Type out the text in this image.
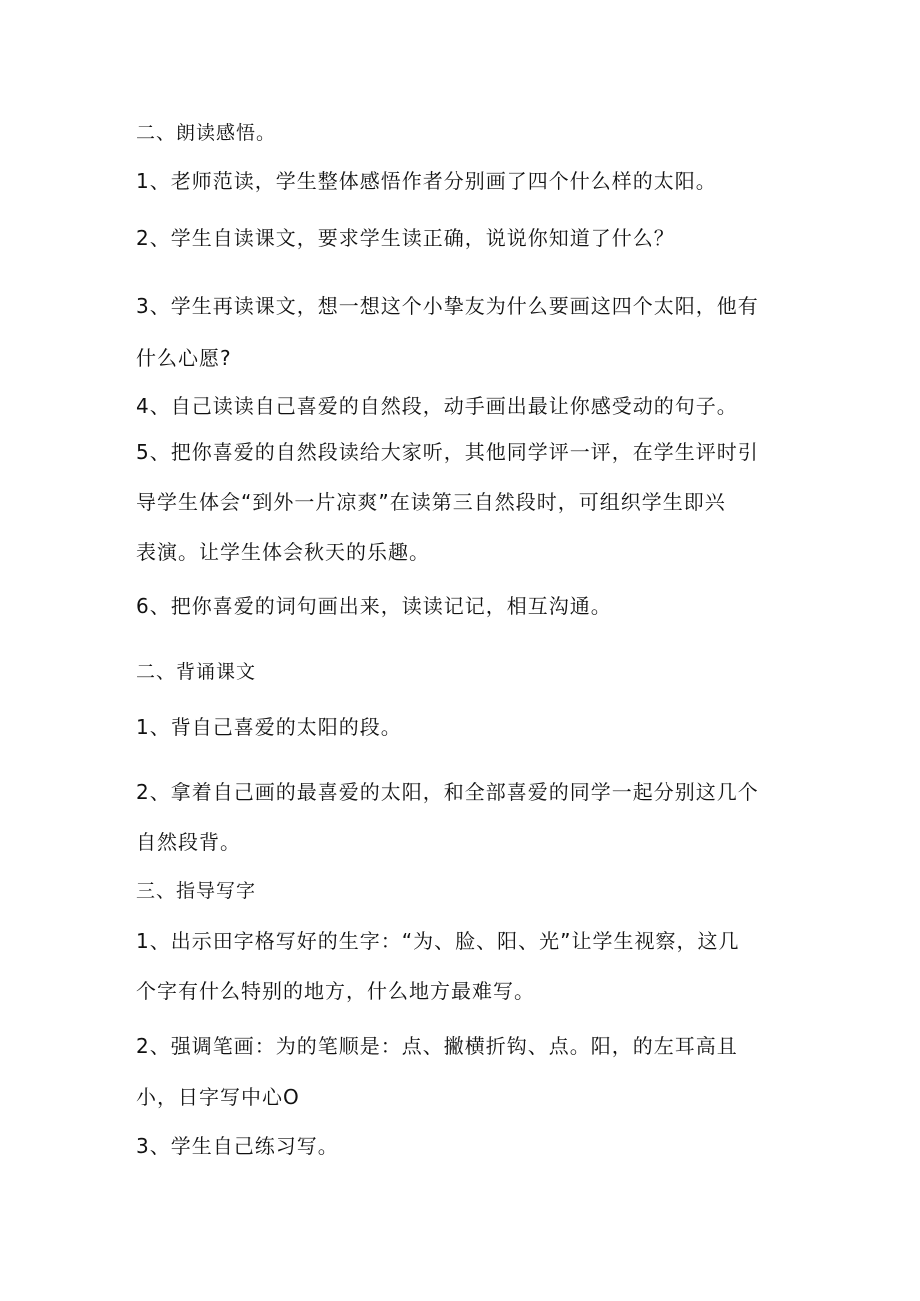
二、朗读感悟。
1、老师范读，学生整体感悟作者分别画了四个什么样的太阳。
2、学生自读课文，要求学生读正确，说说你知道了什么？
3、学生再读课文，想一想这个小挚友为什么要画这四个太阳，他有
什么心愿?
4、自己读读自己喜爱的自然段，动手画出最让你感受动的句子。
5、把你喜爱的自然段读给大家听，其他同学评一评，在学生评时引
导学生体会“到外一片凉爽”在读第三自然段时，可组织学生即兴
表演。让学生体会秋天的乐趣。
6、把你喜爱的词句画出来，读读记记，相互沟通。
二、背诵课文
1、背自己喜爱的太阳的段。
2、拿着自己画的最喜爱的太阳，和全部喜爱的同学一起分别这几个
自然段背。
三、指导写字
1、出示田字格写好的生字：“为、脸、阳、光”让学生视察，这几
个字有什么特别的地方，什么地方最难写。
2、强调笔画：为的笔顺是：点、撇横折钩、点。阳，的左耳高且
小，日字写中心O
3、学生自己练习写。
